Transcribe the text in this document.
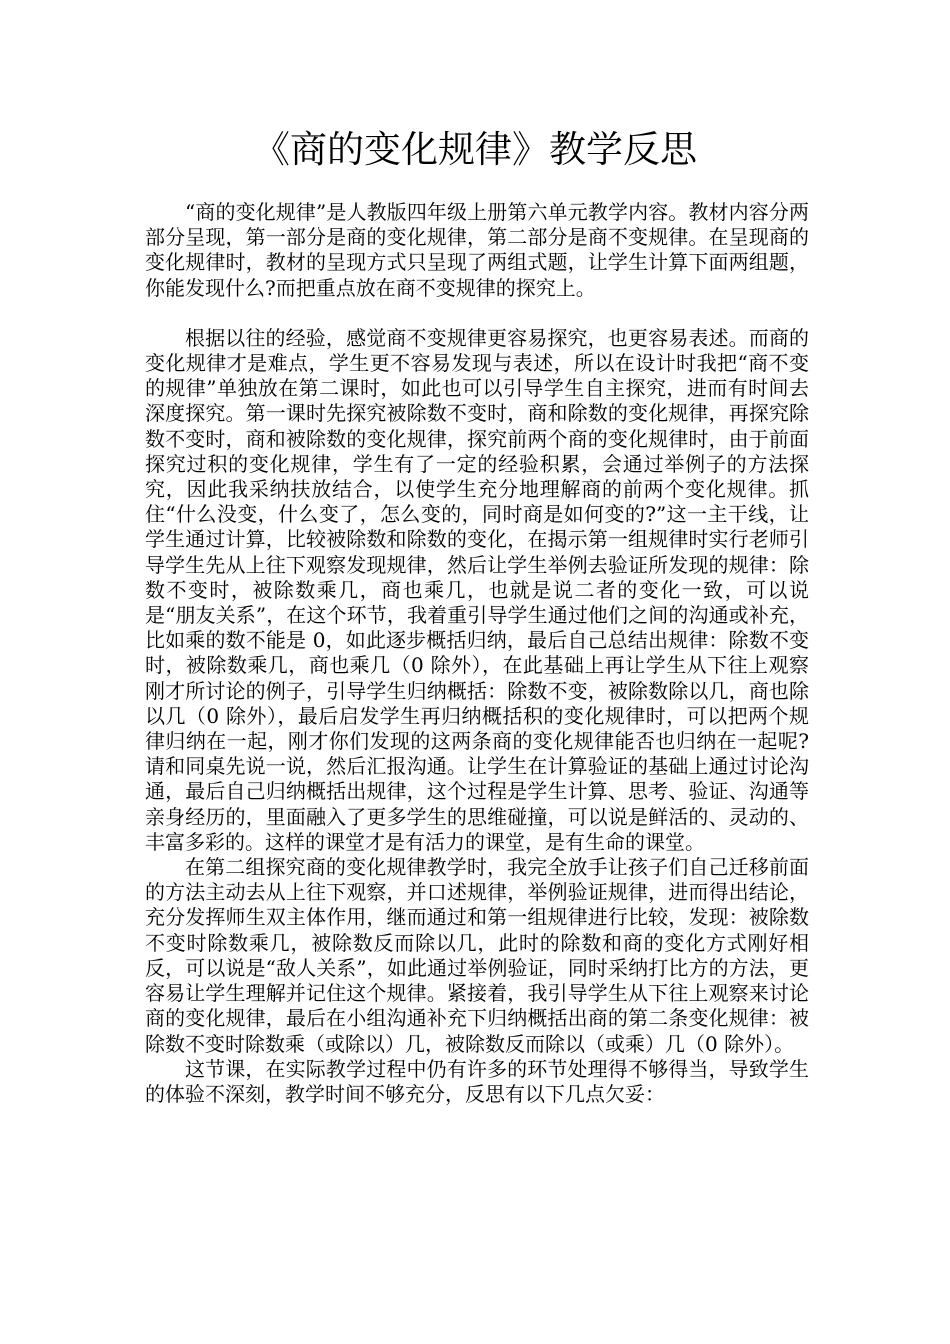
《商的变化规律》教学反思

“商的变化规律”是人教版四年级上册第六单元教学内容。教材内容分两部分呈现，第一部分是商的变化规律，第二部分是商不变规律。在呈现商的变化规律时，教材的呈现方式只呈现了两组式题，让学生计算下面两组题，你能发现什么?而把重点放在商不变规律的探究上。

根据以往的经验，感觉商不变规律更容易探究，也更容易表述。而商的变化规律才是难点，学生更不容易发现与表述，所以在设计时我把“商不变的规律”单独放在第二课时，如此也可以引导学生自主探究，进而有时间去深度探究。第一课时先探究被除数不变时，商和除数的变化规律，再探究除数不变时，商和被除数的变化规律，探究前两个商的变化规律时，由于前面探究过积的变化规律，学生有了一定的经验积累，会通过举例子的方法探究，因此我采纳扶放结合，以使学生充分地理解商的前两个变化规律。抓住“什么没变，什么变了，怎么变的，同时商是如何变的?”这一主干线，让学生通过计算，比较被除数和除数的变化，在揭示第一组规律时实行老师引导学生先从上往下观察发现规律，然后让学生举例去验证所发现的规律：除数不变时，被除数乘几，商也乘几，也就是说二者的变化一致，可以说是“朋友关系”，在这个环节，我着重引导学生通过他们之间的沟通或补充，比如乘的数不能是 0，如此逐步概括归纳，最后自己总结出规律：除数不变时，被除数乘几，商也乘几（0 除外），在此基础上再让学生从下往上观察刚才所讨论的例子，引导学生归纳概括：除数不变，被除数除以几，商也除以几（0 除外），最后启发学生再归纳概括积的变化规律时，可以把两个规律归纳在一起，刚才你们发现的这两条商的变化规律能否也归纳在一起呢?请和同桌先说一说，然后汇报沟通。让学生在计算验证的基础上通过讨论沟通，最后自己归纳概括出规律，这个过程是学生计算、思考、验证、沟通等亲身经历的，里面融入了更多学生的思维碰撞，可以说是鲜活的、灵动的、丰富多彩的。这样的课堂才是有活力的课堂，是有生命的课堂。

在第二组探究商的变化规律教学时，我完全放手让孩子们自己迁移前面的方法主动去从上往下观察，并口述规律，举例验证规律，进而得出结论，充分发挥师生双主体作用，继而通过和第一组规律进行比较，发现：被除数不变时除数乘几，被除数反而除以几，此时的除数和商的变化方式刚好相反，可以说是“敌人关系”，如此通过举例验证，同时采纳打比方的方法，更容易让学生理解并记住这个规律。紧接着，我引导学生从下往上观察来讨论商的变化规律，最后在小组沟通补充下归纳概括出商的第二条变化规律：被除数不变时除数乘（或除以）几，被除数反而除以（或乘）几（0 除外）。

这节课，在实际教学过程中仍有许多的环节处理得不够得当，导致学生的体验不深刻，教学时间不够充分，反思有以下几点欠妥：
